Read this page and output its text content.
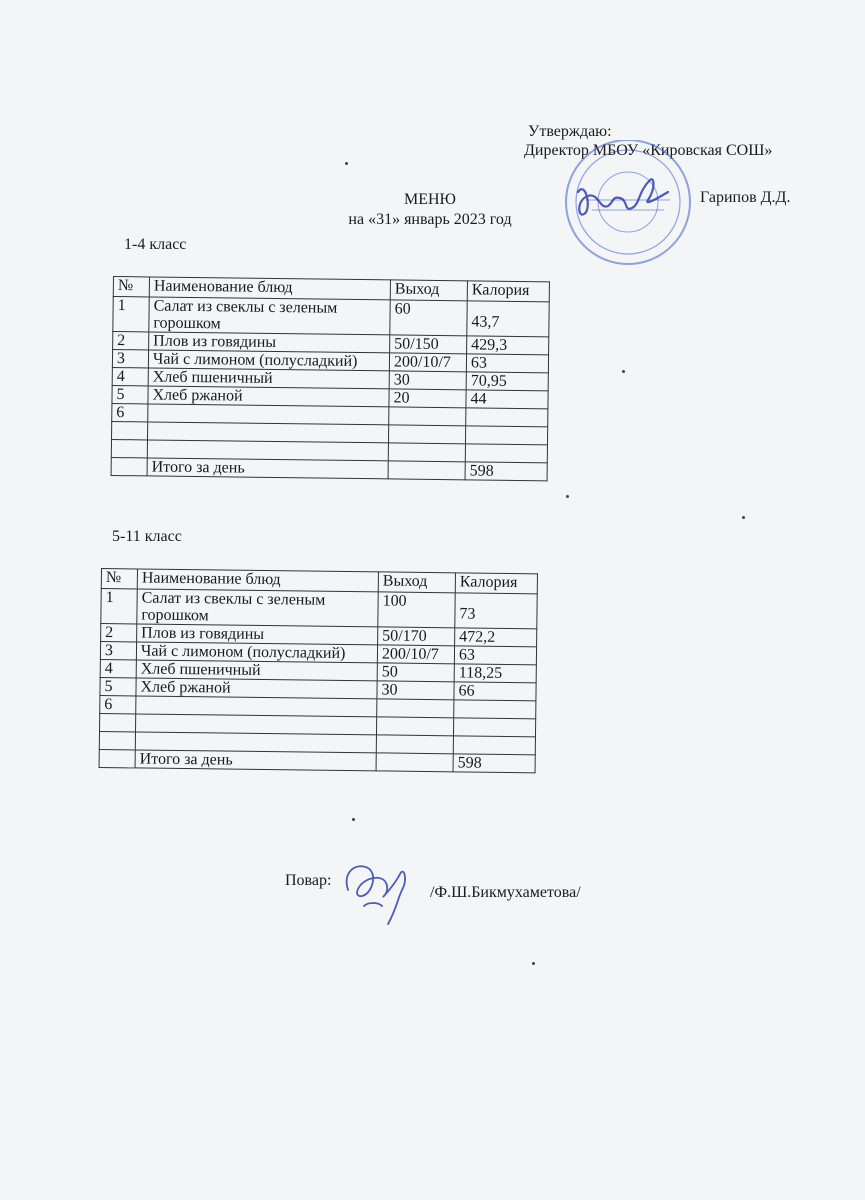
Утверждаю:
Директор МБОУ «Кировская СОШ»
Гарипов Д.Д.
МЕНЮ
на «31» январь 2023 год
1-4 класс
№	Наименование блюд	Выход	Калория
1	Салат из свеклы с зеленым горошком	60	43,7
2	Плов из говядины	50/150	429,3
3	Чай с лимоном (полусладкий)	200/10/7	63
4	Хлеб пшеничный	30	70,95
5	Хлеб ржаной	20	44
6			

	Итого за день		598
5-11 класс
№	Наименование блюд	Выход	Калория
1	Салат из свеклы с зеленым горошком	100	73
2	Плов из говядины	50/170	472,2
3	Чай с лимоном (полусладкий)	200/10/7	63
4	Хлеб пшеничный	50	118,25
5	Хлеб ржаной	30	66
6			

	Итого за день		598
Повар:
/Ф.Ш.Бикмухаметова/
